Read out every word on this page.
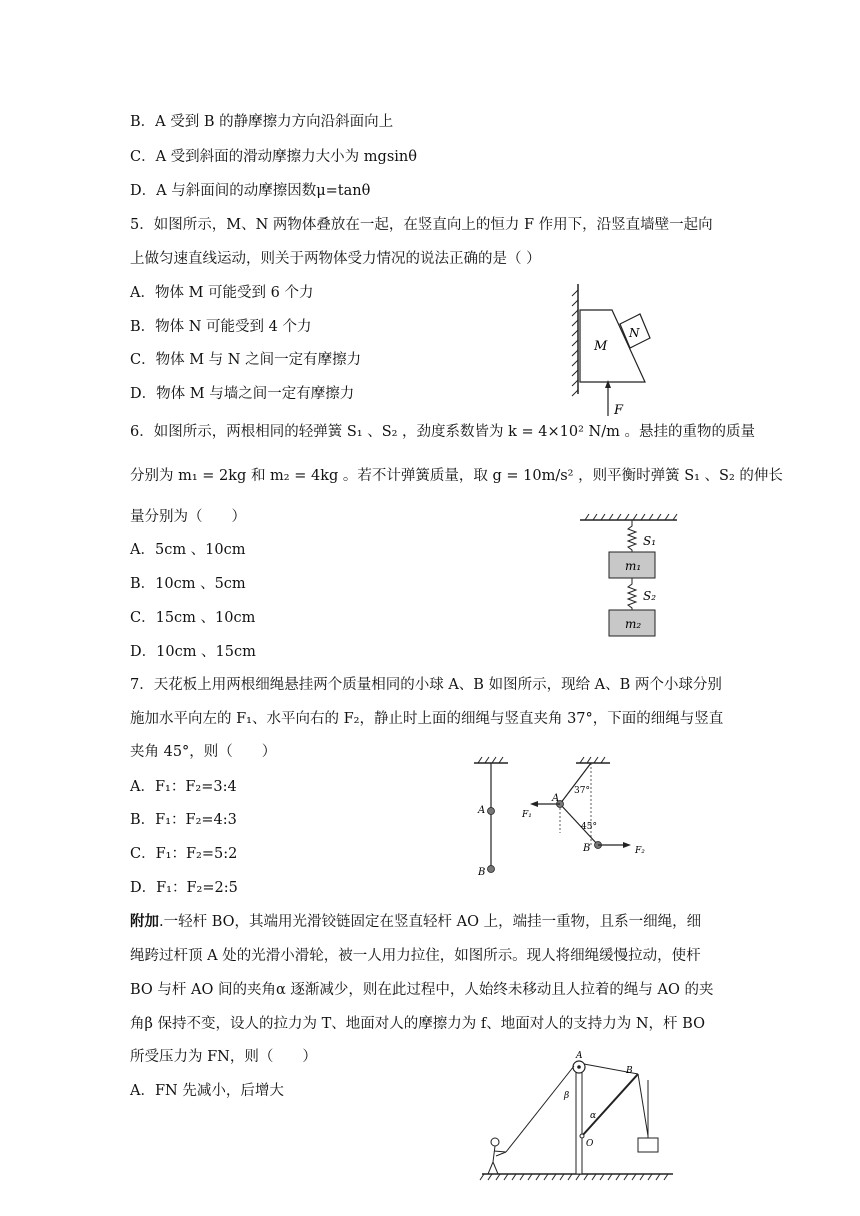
B．A 受到 B 的静摩擦力方向沿斜面向上
C．A 受到斜面的滑动摩擦力大小为 mgsinθ
D．A 与斜面间的动摩擦因数μ=tanθ
5．如图所示，M、N 两物体叠放在一起，在竖直向上的恒力 F 作用下，沿竖直墙壁一起向
上做匀速直线运动，则关于两物体受力情况的说法正确的是（ ）
A．物体 M 可能受到 6 个力
B．物体 N 可能受到 4 个力
C．物体 M 与 N 之间一定有摩擦力
D．物体 M 与墙之间一定有摩擦力
M
N
F
6．如图所示，两根相同的轻弹簧 S₁ 、S₂ ，劲度系数皆为 k = 4×10² N/m 。悬挂的重物的质量
分别为 m₁ = 2kg 和 m₂ = 4kg 。若不计弹簧质量，取 g = 10m/s² ，则平衡时弹簧 S₁ 、S₂ 的伸长
量分别为（　　）
A．5cm 、10cm
B．10cm 、5cm
C．15cm 、10cm
D．10cm 、15cm
S₁
m₁
S₂
m₂
7．天花板上用两根细绳悬挂两个质量相同的小球 A、B 如图所示，现给 A、B 两个小球分别
施加水平向左的 F₁、水平向右的 F₂，静止时上面的细绳与竖直夹角 37°，下面的细绳与竖直
夹角 45°，则（　　）
A．F₁：F₂=3:4
B．F₁：F₂=4:3
C．F₁：F₂=5:2
D．F₁：F₂=2:5
A
B
A
B
37°
45°
F₁
F₂
附加.一轻杆 BO，其端用光滑铰链固定在竖直轻杆 AO 上，端挂一重物，且系一细绳，细
绳跨过杆顶 A 处的光滑小滑轮，被一人用力拉住，如图所示。现人将细绳缓慢拉动，使杆
BO 与杆 AO 间的夹角α 逐渐减少，则在此过程中，人始终未移动且人拉着的绳与 AO 的夹
角β 保持不变，设人的拉力为 T、地面对人的摩擦力为 f、地面对人的支持力为 N，杆 BO
所受压力为 FN，则（　　）
A．FN 先减小，后增大
A
β
O
B
α
